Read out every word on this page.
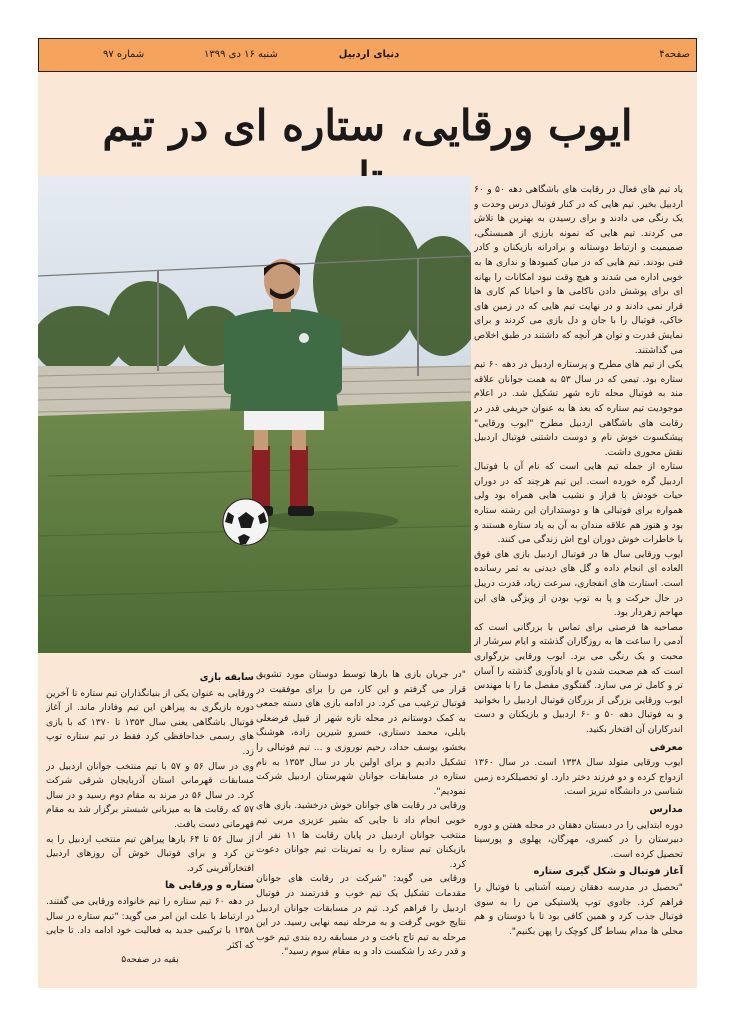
صفحه۴
دنیای اردبیل
شنبه ۱۶ دی ۱۳۹۹
شماره ۹۷
ایوب ورقایی، ستاره ای در تیم

یاد تیم های فعال در رقابت های باشگاهی دهه ۵۰ و ۶۰ اردبیل بخیر. تیم هایی که در کنار فوتبال درس وحدت و یک رنگی می دادند و برای رسیدن به بهترین ها تلاش می کردند. تیم هایی که نمونه بارزی از همبستگی، صمیمیت و ارتباط دوستانه و برادرانه بازیکنان و کادر فنی بودند. تیم هایی که در میان کمبودها و نداری ها به خوبی اداره می شدند و هیچ وقت نبود امکانات را بهانه ای برای پوشش دادن ناکامی ها و احیانا کم کاری ها قرار نمی دادند و در نهایت تیم هایی که در زمین های خاکی، فوتبال را با جان و دل بازی می کردند و برای نمایش قدرت و توان هر آنچه که داشتند در طبق اخلاص می گذاشتند.

یکی از تیم های مطرح و پرستاره اردبیل در دهه ۶۰ تیم ستاره بود. تیمی که در سال ۵۳ به همت جوانان علاقه مند به فوتبال محله تازه شهر تشکیل شد. در اعلام موجودیت تیم ستاره که بعد ها به عنوان حریفی قدر در رقابت های باشگاهی اردبیل مطرح "ایوب ورقایی" پیشکسوت خوش نام و دوست داشتنی فوتبال اردبیل نقش محوری داشت.

ستاره از جمله تیم هایی است که نام آن با فوتبال اردبیل گره خورده است. این تیم هرچند که در دوران حیات خودش با فراز و نشیب هایی همراه بود ولی همواره برای فوتبالی ها و دوستداران این رشته ستاره بود و هنوز هم علاقه مندان به آن به یاد ستاره هستند و با خاطرات خوش دوران اوج اش زندگی می کنند.

ایوب ورقایی سال ها در فوتبال اردبیل بازی های فوق العاده ای انجام داده و گل های دیدنی به ثمر رسانده است. استارت های انفجاری، سرعت زیاد، قدرت دریبل در حال حرکت و پا به توپ بودن از ویژگی های این مهاجم زهردار بود.

مصاحبه ها فرصتی برای تماس با بزرگانی است که آدمی را ساعت ها به روزگاران گذشته و ایام سرشار از محبت و یک رنگی می برد. ایوب ورقایی بزرگواری است که هم صحبت شدن با او یادآوری گذشته را آسان تر و کامل تر می سازد. گفتگوی مفصل ما را با مهندس ایوب ورقایی بزرگی از بزرگان فوتبال اردبیل را بخوانید و به فوتبال دهه ۵۰ و ۶۰ اردبیل و بازیکنان و دست اندرکاران آن افتخار بکنید.

معرفی

ایوب ورقایی متولد سال ۱۳۳۸ است. در سال ۱۳۶۰ ازدواج کرده و دو فرزند دختر دارد. او تحصیلکرده زمین شناسی در دانشگاه تبریز است.

مدارس

دوره ابتدایی را در دبستان دهقان در محله هفتن و دوره دبیرستان را در کسری، مهرگان، پهلوی و پورسینا تحصیل کرده است.

آغاز فوتبال و شکل گیری ستاره

"تحصیل در مدرسه دهقان زمینه آشنایی با فوتبال را فراهم کرد. جادوی توپ پلاستیکی من را به سوی فوتبال جذب کرد و همین کافی بود تا با دوستان و هم محلی ها مدام بساط گل کوچک را پهن بکنیم".

"در جریان بازی ها بارها توسط دوستان مورد تشویق قرار می گرفتم و این کار، من را برای موفقیت در فوتبال ترغیب می کرد. در ادامه بازی های دسته جمعی به کمک دوستانم در محله تازه شهر از قبیل فرضعلی بابلی، محمد دستاری، خسرو شیرین زاده، هوشنگ بخشو، یوسف حداد، رحیم نوروزی و ... تیم فوتبالی را تشکیل دادیم و برای اولین بار در سال ۱۳۵۳ به نام ستاره در مسابقات جوانان شهرستان اردبیل شرکت نمودیم".

ورقایی در رقابت های جوانان خوش درخشید. بازی های خوبی انجام داد تا جایی که بشیر عزیزی مربی تیم منتخب جوانان اردبیل در پایان رقابت ها ۱۱ نفر از بازیکنان تیم ستاره را به تمرینات تیم جوانان دعوت کرد.

ورقایی می گوید: "شرکت در رقابت های جوانان مقدمات تشکیل یک تیم خوب و قدرتمند در فوتبال اردبیل را فراهم کرد. تیم در مسابقات جوانان اردبیل نتایج خوبی گرفت و به مرحله نیمه نهایی رسید. در این مرحله به تیم تاج باخت و در مسابقه رده بندی تیم خوب و قدر رعد را شکست داد و به مقام سوم رسید".

سابقه بازی

ورقایی به عنوان یکی از بنیانگذاران تیم ستاره تا آخرین دوره بازیگری به پیراهن این تیم وفادار ماند. از آغاز فوتبال باشگاهی یعنی سال ۱۳۵۳ تا ۱۳۷۰ که با بازی های رسمی خداحافظی کرد فقط در تیم ستاره توپ زد.

وی در سال ۵۶ و ۵۷ با تیم منتخب جوانان اردبیل در مسابقات قهرمانی استان آذربایجان شرقی شرکت کرد. در سال ۵۶ در مرند به مقام دوم رسید و در سال ۵۷ که رقابت ها به میزبانی شبستر برگزار شد به مقام قهرمانی دست یافت.

از سال ۵۶ تا ۶۴ بارها پیراهن تیم منتخب اردبیل را به تن کرد و برای فوتبال خوش آن روزهای اردبیل افتخارآفرینی کرد.

ستاره و ورقایی ها

در دهه ۶۰ تیم ستاره را تیم خانواده ورقایی می گفتند. در ارتباط با علت این امر می گوید: "تیم ستاره در سال ۱۳۵۸ با ترکیبی جدید به فعالیت خود ادامه داد. تا جایی که اکثر

بقیه در صفحه۵
